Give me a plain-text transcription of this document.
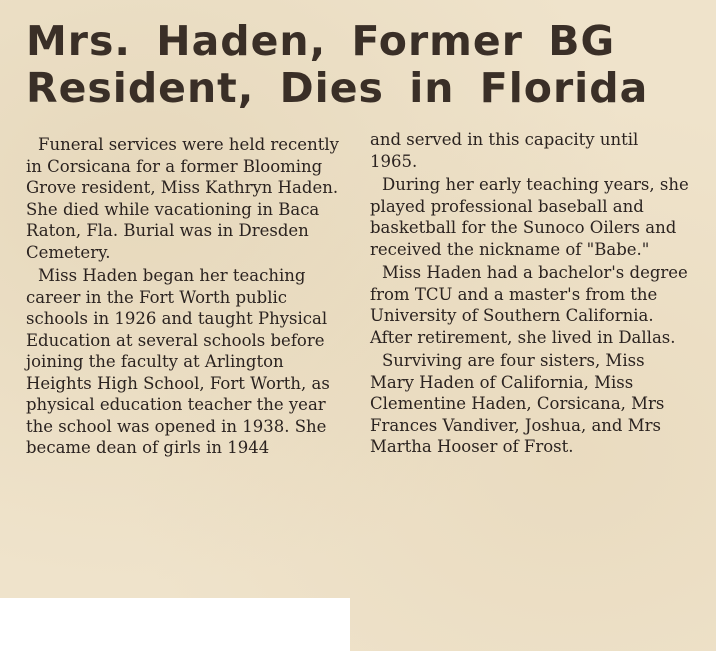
Mrs. Haden, Former BG
Resident, Dies in Florida

Funeral services were held recently in Corsicana for a former Blooming Grove resident, Miss Kathryn Haden. She died while vacationing in Baca Raton, Fla. Burial was in Dresden Cemetery.

Miss Haden began her teaching career in the Fort Worth public schools in 1926 and taught Physical Education at several schools before joining the faculty at Arlington Heights High School, Fort Worth, as physical education teacher the year the school was opened in 1938. She became dean of girls in 1944

and served in this capacity until 1965.

During her early teaching years, she played professional baseball and basketball for the Sunoco Oilers and received the nickname of "Babe."

Miss Haden had a bachelor's degree from TCU and a master's from the University of Southern California. After retirement, she lived in Dallas.

Surviving are four sisters, Miss Mary Haden of California, Miss Clementine Haden, Corsicana, Mrs Frances Vandiver, Joshua, and Mrs Martha Hooser of Frost.
